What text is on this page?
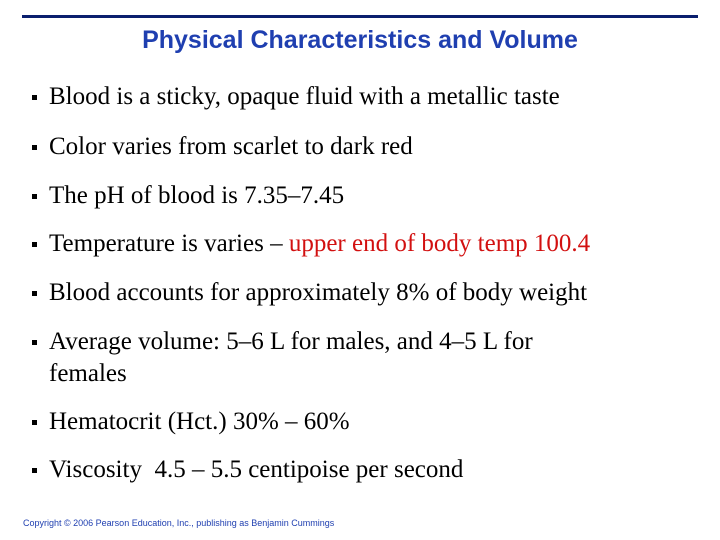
Physical Characteristics and Volume
Blood is a sticky, opaque fluid with a metallic taste
Color varies from scarlet to dark red
The pH of blood is 7.35–7.45
Temperature is varies – upper end of body temp 100.4
Blood accounts for approximately 8% of body weight
Average volume: 5–6 L for males, and 4–5 L for females
Hematocrit (Hct.) 30% – 60%
Viscosity  4.5 – 5.5 centipoise per second
Copyright © 2006 Pearson Education, Inc., publishing as Benjamin Cummings
